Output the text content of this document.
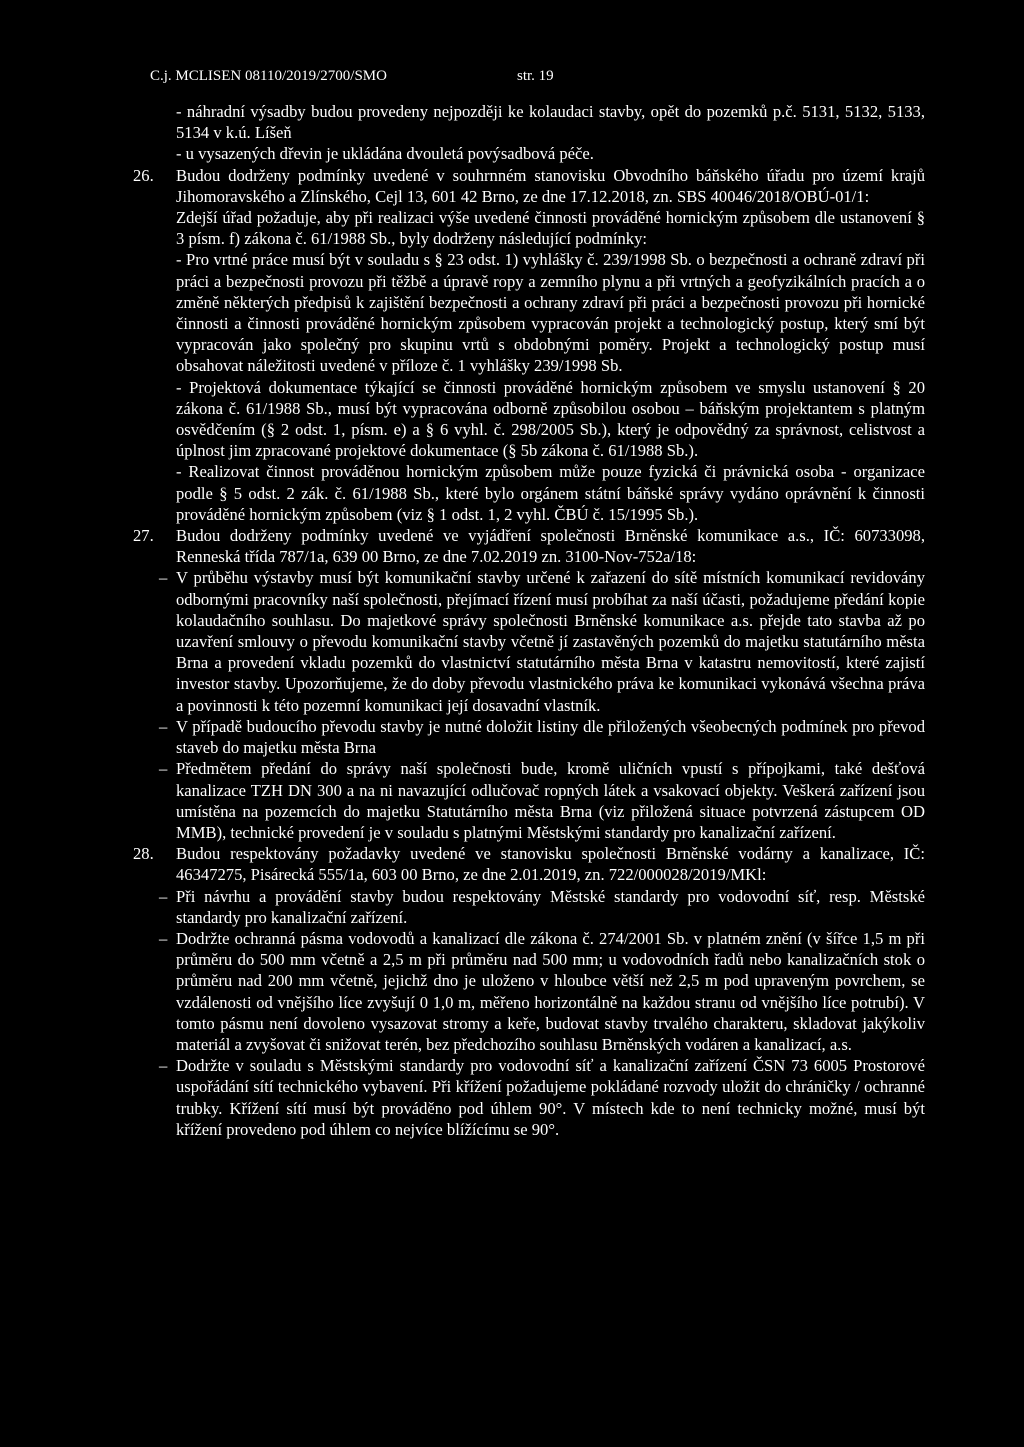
C.j. MCLISEN 08110/2019/2700/SMO	str. 19

- náhradní výsadby budou provedeny nejpozději ke kolaudaci stavby, opět do pozemků p.č. 5131, 5132, 5133, 5134 v k.ú. Líšeň

- u vysazených dřevin je ukládána dvouletá povýsadbová péče.

26. Budou dodrženy podmínky uvedené v souhrnném stanovisku Obvodního báňského úřadu pro území krajů Jihomoravského a Zlínského, Cejl 13, 601 42 Brno, ze dne 17.12.2018, zn. SBS 40046/2018/OBÚ-01/1:

Zdejší úřad požaduje, aby při realizaci výše uvedené činnosti prováděné hornickým způsobem dle ustanovení § 3 písm. f) zákona č. 61/1988 Sb., byly dodrženy následující podmínky:

- Pro vrtné práce musí být v souladu s § 23 odst. 1) vyhlášky č. 239/1998 Sb. o bezpečnosti a ochraně zdraví při práci a bezpečnosti provozu při těžbě a úpravě ropy a zemního plynu a při vrtných a geofyzikálních pracích a o změně některých předpisů k zajištění bezpečnosti a ochrany zdraví při práci a bezpečnosti provozu při hornické činnosti a činnosti prováděné hornickým způsobem vypracován projekt a technologický postup, který smí být vypracován jako společný pro skupinu vrtů s obdobnými poměry. Projekt a technologický postup musí obsahovat náležitosti uvedené v příloze č. 1 vyhlášky 239/1998 Sb.

- Projektová dokumentace týkající se činnosti prováděné hornickým způsobem ve smyslu ustanovení § 20 zákona č. 61/1988 Sb., musí být vypracována odborně způsobilou osobou – báňským projektantem s platným osvědčením (§ 2 odst. 1, písm. e) a § 6 vyhl. č. 298/2005 Sb.), který je odpovědný za správnost, celistvost a úplnost jim zpracované projektové dokumentace (§ 5b zákona č. 61/1988 Sb.).

- Realizovat činnost prováděnou hornickým způsobem může pouze fyzická či právnická osoba - organizace podle § 5 odst. 2 zák. č. 61/1988 Sb., které bylo orgánem státní báňské správy vydáno oprávnění k činnosti prováděné hornickým způsobem (viz § 1 odst. 1, 2 vyhl. ČBÚ č. 15/1995 Sb.).

27. Budou dodrženy podmínky uvedené ve vyjádření společnosti Brněnské komunikace a.s., IČ: 60733098, Renneská třída 787/1a, 639 00 Brno, ze dne 7.02.2019 zn. 3100-Nov-752a/18:

– V průběhu výstavby musí být komunikační stavby určené k zařazení do sítě místních komunikací revidovány odbornými pracovníky naší společnosti, přejímací řízení musí probíhat za naší účasti, požadujeme předání kopie kolaudačního souhlasu. Do majetkové správy společnosti Brněnské komunikace a.s. přejde tato stavba až po uzavření smlouvy o převodu komunikační stavby včetně jí zastavěných pozemků do majetku statutárního města Brna a provedení vkladu pozemků do vlastnictví statutárního města Brna v katastru nemovitostí, které zajistí investor stavby. Upozorňujeme, že do doby převodu vlastnického práva ke komunikaci vykonává všechna práva a povinnosti k této pozemní komunikaci její dosavadní vlastník.

– V případě budoucího převodu stavby je nutné doložit listiny dle přiložených všeobecných podmínek pro převod staveb do majetku města Brna

– Předmětem předání do správy naší společnosti bude, kromě uličních vpustí s přípojkami, také dešťová kanalizace TZH DN 300 a na ni navazující odlučovač ropných látek a vsakovací objekty. Veškerá zařízení jsou umístěna na pozemcích do majetku Statutárního města Brna (viz přiložená situace potvrzená zástupcem OD MMB), technické provedení je v souladu s platnými Městskými standardy pro kanalizační zařízení.

28. Budou respektovány požadavky uvedené ve stanovisku společnosti Brněnské vodárny a kanalizace, IČ: 46347275, Pisárecká 555/1a, 603 00 Brno, ze dne 2.01.2019, zn. 722/000028/2019/MKl:

– Při návrhu a provádění stavby budou respektovány Městské standardy pro vodovodní síť, resp. Městské standardy pro kanalizační zařízení.

– Dodržte ochranná pásma vodovodů a kanalizací dle zákona č. 274/2001 Sb. v platném znění (v šířce 1,5 m při průměru do 500 mm včetně a 2,5 m při průměru nad 500 mm; u vodovodních řadů nebo kanalizačních stok o průměru nad 200 mm včetně, jejichž dno je uloženo v hloubce větší než 2,5 m pod upraveným povrchem, se vzdálenosti od vnějšího líce zvyšují 0 1,0 m, měřeno horizontálně na každou stranu od vnějšího líce potrubí). V tomto pásmu není dovoleno vysazovat stromy a keře, budovat stavby trvalého charakteru, skladovat jakýkoliv materiál a zvyšovat či snižovat terén, bez předchozího souhlasu Brněnských vodáren a kanalizací, a.s.

– Dodržte v souladu s Městskými standardy pro vodovodní síť a kanalizační zařízení ČSN 73 6005 Prostorové uspořádání sítí technického vybavení. Při křížení požadujeme pokládané rozvody uložit do chráničky / ochranné trubky. Křížení sítí musí být prováděno pod úhlem 90°. V místech kde to není technicky možné, musí být křížení provedeno pod úhlem co nejvíce blížícímu se 90°.
